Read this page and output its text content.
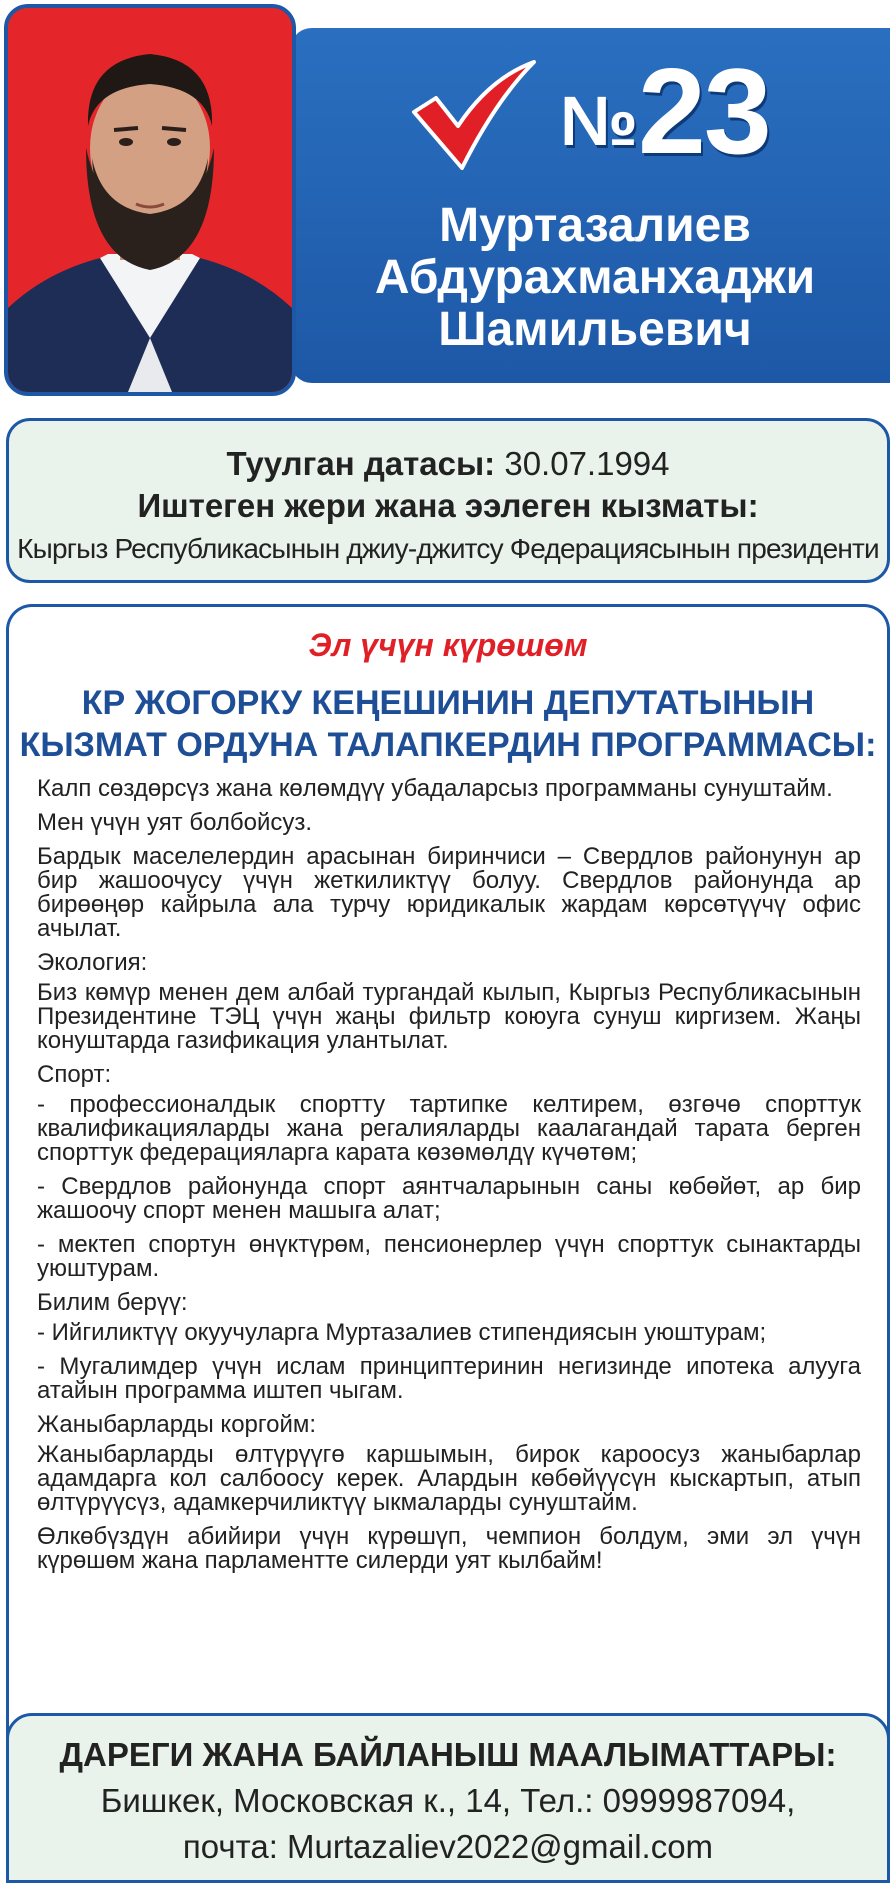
№23
Муртазалиев
Абдурахманхаджи
Шамильевич
Туулган датасы: 30.07.1994
Иштеген жери жана ээлеген кызматы:
Кыргыз Республикасынын джиу-джитсу Федерациясынын президенти
Эл үчүн күрөшөм
КР ЖОГОРКУ КЕҢЕШИНИН ДЕПУТАТЫНЫН
КЫЗМАТ ОРДУНА ТАЛАПКЕРДИН ПРОГРАММАСЫ:

Калп сөздөрсүз жана көлөмдүү убадаларсыз программаны сунуштайм.

Мен үчүн уят болбойсуз.

Бардык маселелердин арасынан биринчиси – Свердлов районунун ар бир жашоочусу үчүн жеткиликтүү болуу. Свердлов районунда ар бирөөңөр кайрыла ала турчу юридикалык жардам көрсөтүүчү офис ачылат.

Экология:

Биз көмүр менен дем албай тургандай кылып, Кыргыз Республикасынын Президентине ТЭЦ үчүн жаңы фильтр коюуга сунуш киргизем. Жаңы конуштарда газификация улантылат.

Спорт:

- профессионалдык спортту тартипке келтирем, өзгөчө спорттук квалификацияларды жана регалияларды каалагандай тарата берген спорттук федерацияларга карата көзөмөлдү күчөтөм;

- Свердлов районунда спорт аянтчаларынын саны көбөйөт, ар бир жашоочу спорт менен машыга алат;

- мектеп спортун өнүктүрөм, пенсионерлер үчүн спорттук сынактарды уюштурам.

Билим берүү:

- Ийгиликтүү окуучуларга Муртазалиев стипендиясын уюштурам;

- Мугалимдер үчүн ислам принциптеринин негизинде ипотека алууга атайын программа иштеп чыгам.

Жаныбарларды коргойм:

Жаныбарларды өлтүрүүгө каршымын, бирок кароосуз жаныбарлар адамдарга кол салбоосу керек. Алардын көбөйүүсүн кыскартып, атып өлтүрүүсүз, адамкерчиликтүү ыкмаларды сунуштайм.

Өлкөбүздүн абийири үчүн күрөшүп, чемпион болдум, эми эл үчүн күрөшөм жана парламентте силерди уят кылбайм!

ДАРЕГИ ЖАНА БАЙЛАНЫШ МААЛЫМАТТАРЫ:
Бишкек, Московская к., 14, Тел.: 0999987094,
почта: Murtazaliev2022@gmail.com
